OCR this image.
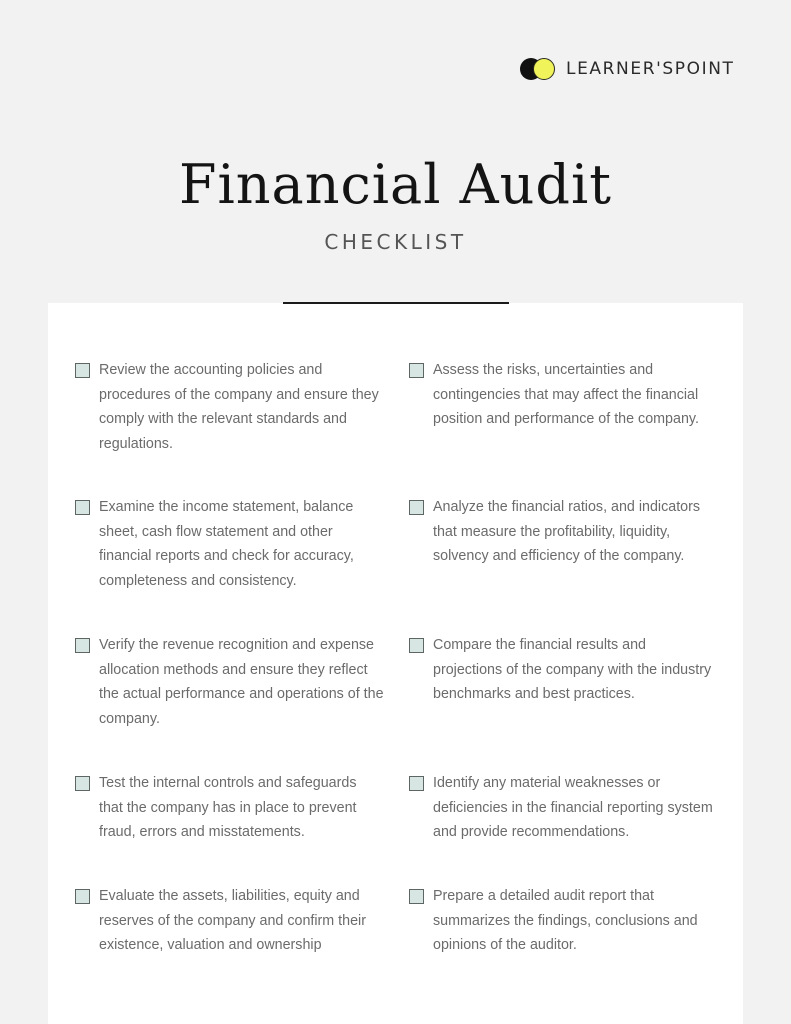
LEARNER'SPOINT
Financial Audit
CHECKLIST
Review the accounting policies and procedures of the company and ensure they comply with the relevant standards and regulations.
Examine the income statement, balance sheet, cash flow statement and other financial reports and check for accuracy, completeness and consistency.
Verify the revenue recognition and expense allocation methods and ensure they reflect the actual performance and operations of the company.
Test the internal controls and safeguards that the company has in place to prevent fraud, errors and misstatements.
Evaluate the assets, liabilities, equity and reserves of the company and confirm their existence, valuation and ownership
Assess the risks, uncertainties and contingencies that may affect the financial position and performance of the company.
Analyze the financial ratios, and indicators that measure the profitability, liquidity, solvency and efficiency of the company.
Compare the financial results and projections of the company with the industry benchmarks and best practices.
Identify any material weaknesses or deficiencies in the financial reporting system and provide recommendations.
Prepare a detailed audit report that summarizes the findings, conclusions and opinions of the auditor.
